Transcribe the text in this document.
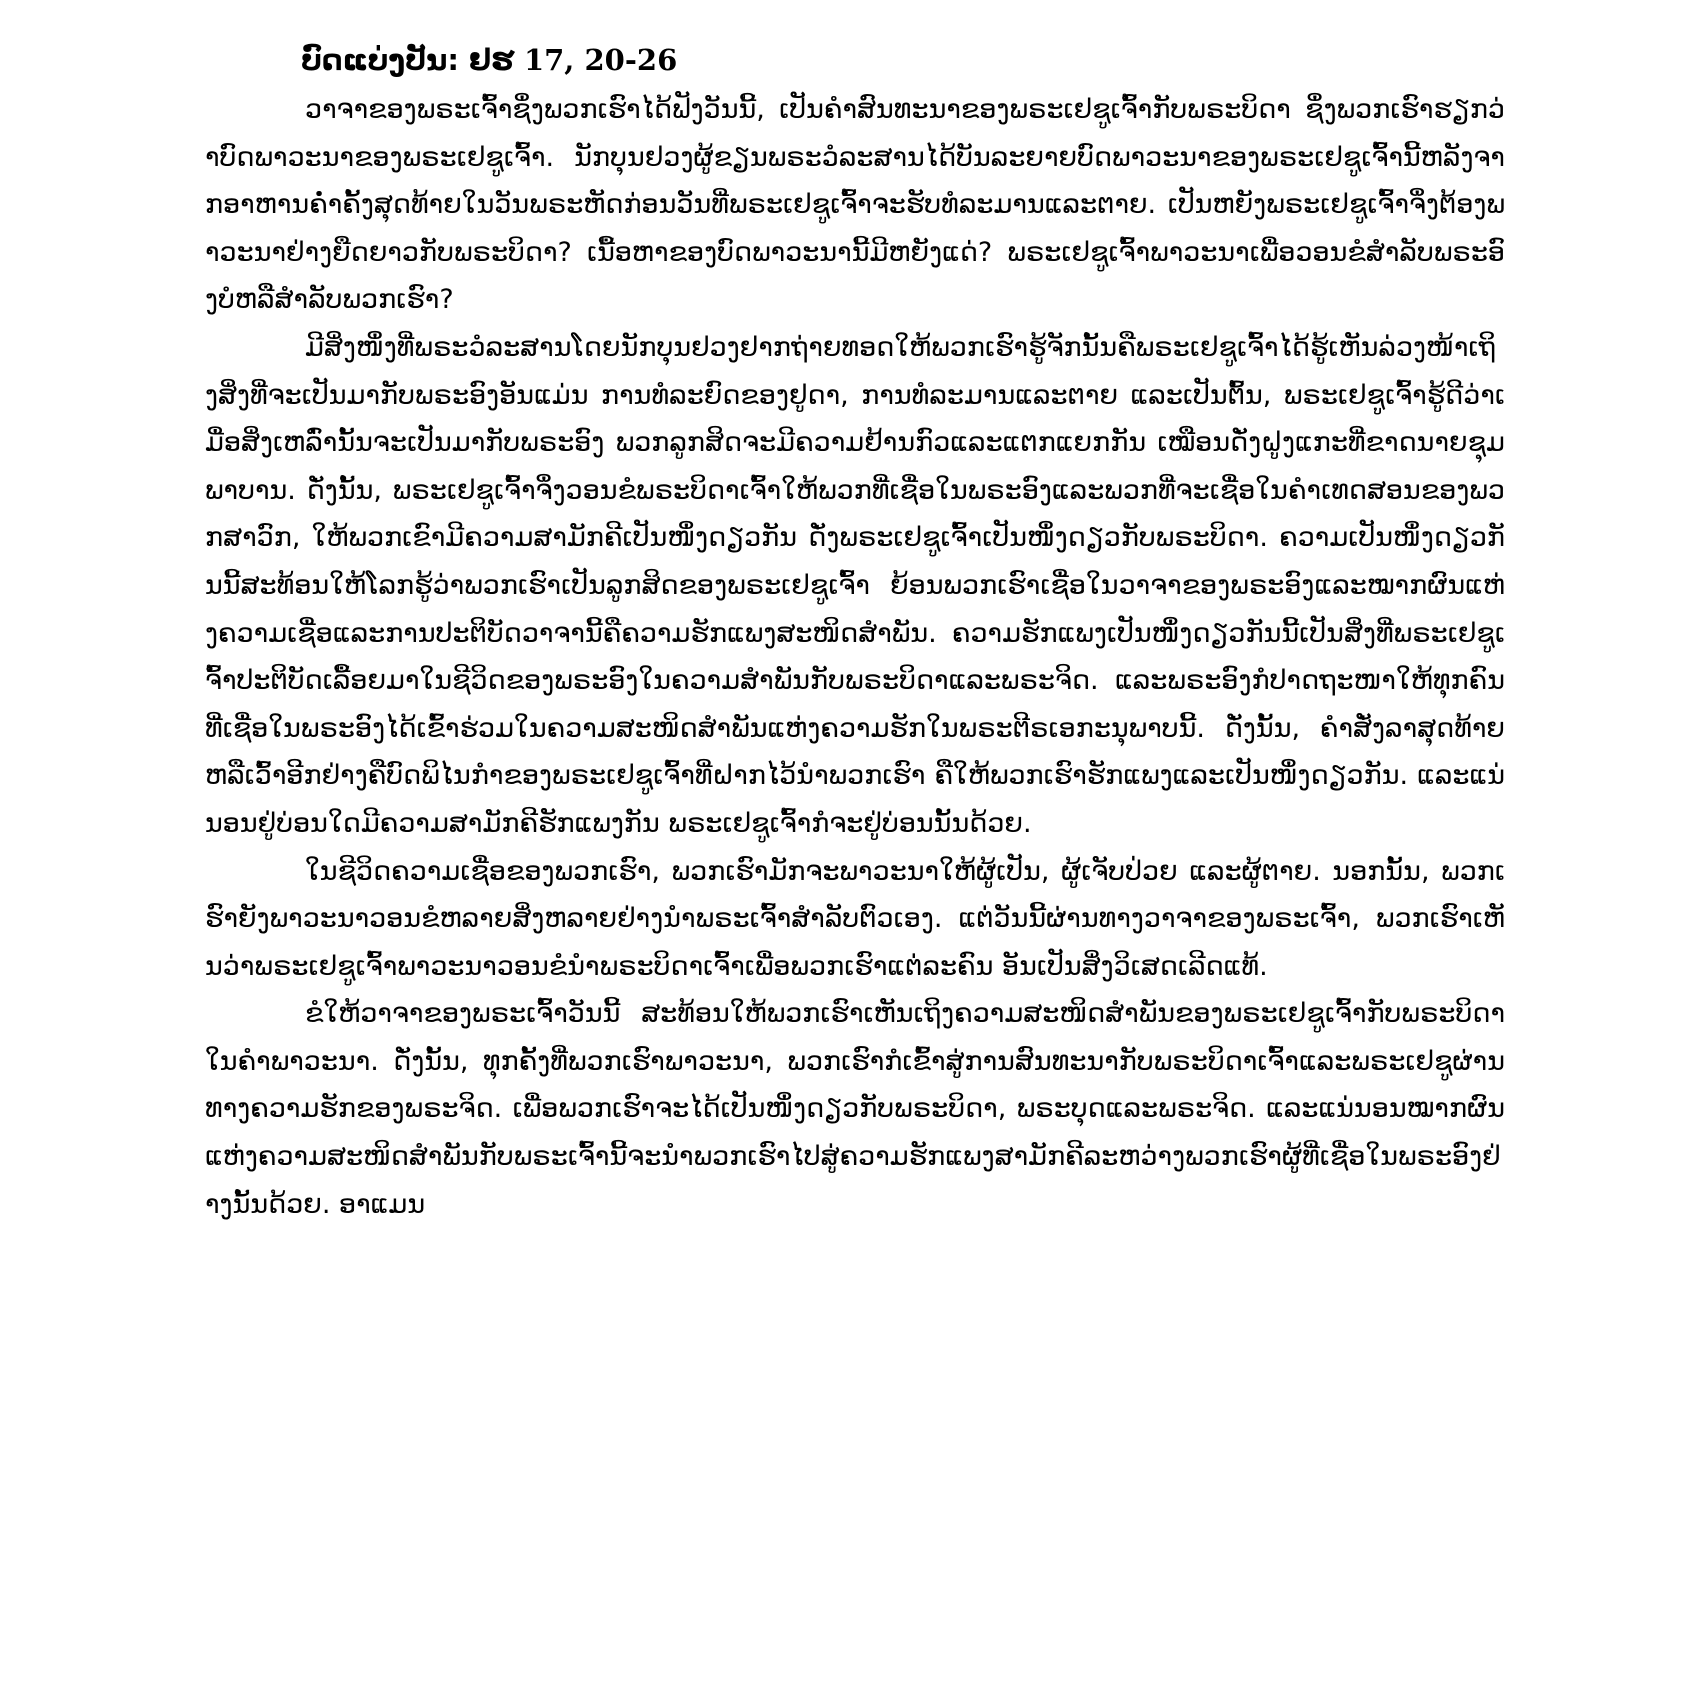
ບົດແບ່ງປັນ: ຢຮ 17, 20-26

ວາຈາຂອງພຣະເຈົ້າຊຶ່ງພວກເຮົາໄດ້ຟັງວັນນີ້, ເປັນຄໍາສົນທະນາຂອງພຣະເຢຊູເຈົ້າກັບພຣະບິດາ ຊຶ່ງພວກເຮົາຮຽກວ່າບົດພາວະນາຂອງພຣະເຢຊູເຈົ້າ. ນັກບຸນຢວງຜູ້ຂຽນພຣະວໍລະສານໄດ້ບັນລະຍາຍບົດພາວະນາຂອງພຣະເຢຊູເຈົ້ານີ້ຫລັງຈາກອາຫານຄໍ່າຄັ້ງສຸດທ້າຍໃນວັນພຣະຫັດກ່ອນວັນທີ່ພຣະເຢຊູເຈົ້າຈະຮັບທໍລະມານແລະຕາຍ. ເປັນຫຍັງພຣະເຢຊູເຈົ້າຈຶ່ງຕ້ອງພາວະນາຢ່າງຍືດຍາວກັບພຣະບິດາ? ເນື້ອຫາຂອງບົດພາວະນານີ້ມີຫຍັງແດ່? ພຣະເຢຊູເຈົ້າພາວະນາເພື່ອວອນຂໍສໍາລັບພຣະອົງບໍຫລືສໍາລັບພວກເຮົາ?

ມີສິ່ງໜຶ່ງທີ່ພຣະວໍລະສານໂດຍນັກບຸນຢວງຢາກຖ່າຍທອດໃຫ້ພວກເຮົາຮູ້ຈັກນັ້ນຄືພຣະເຢຊູເຈົ້າໄດ້ຮູ້ເຫັນລ່ວງໜ້າເຖິງສິ່ງທີ່ຈະເປັນມາກັບພຣະອົງອັນແມ່ນ ການທໍລະຍົດຂອງຢູດາ, ການທໍລະມານແລະຕາຍ ແລະເປັນຕົ້ນ, ພຣະເຢຊູເຈົ້າຮູ້ດີວ່າເມື່ອສິ່ງເຫລົ່ານັ້ນຈະເປັນມາກັບພຣະອົງ ພວກລູກສິດຈະມີຄວາມຢ້ານກົວແລະແຕກແຍກກັນ ເໝືອນດັ່ງຝູງແກະທີ່ຂາດນາຍຊຸມພາບານ. ດັ່ງນັ້ນ, ພຣະເຢຊູເຈົ້າຈຶ່ງວອນຂໍພຣະບິດາເຈົ້າໃຫ້ພວກທີ່ເຊື່ອໃນພຣະອົງແລະພວກທີ່ຈະເຊື່ອໃນຄໍາເທດສອນຂອງພວກສາວົກ, ໃຫ້ພວກເຂົາມີຄວາມສາມັກຄີເປັນໜຶ່ງດຽວກັນ ດັ່ງພຣະເຢຊູເຈົ້າເປັນໜຶ່ງດຽວກັບພຣະບິດາ. ຄວາມເປັນໜຶ່ງດຽວກັນນີ້ສະທ້ອນໃຫ້ໂລກຮູ້ວ່າພວກເຮົາເປັນລູກສິດຂອງພຣະເຢຊູເຈົ້າ ຍ້ອນພວກເຮົາເຊື່ອໃນວາຈາຂອງພຣະອົງແລະໝາກຜົນແຫ່ງຄວາມເຊື່ອແລະການປະຕິບັດວາຈານີ້ຄືຄວາມຮັກແພງສະໜິດສໍາພັນ. ຄວາມຮັກແພງເປັນໜຶ່ງດຽວກັນນີ້ເປັນສິ່ງທີ່ພຣະເຢຊູເຈົ້າປະຕິບັດເລື້ອຍມາໃນຊີວິດຂອງພຣະອົງໃນຄວາມສໍາພັນກັບພຣະບິດາແລະພຣະຈິດ. ແລະພຣະອົງກໍປາດຖະໜາໃຫ້ທຸກຄົນທີ່ເຊື່ອໃນພຣະອົງໄດ້ເຂົ້າຮ່ວມໃນຄວາມສະໜິດສໍາພັນແຫ່ງຄວາມຮັກໃນພຣະຕີຣເອກະນຸພາບນີ້. ດັ່ງນັ້ນ, ຄໍາສັ່ງລາສຸດທ້າຍ ຫລືເວົ້າອີກຢ່າງຄືບົດພິໄນກໍາຂອງພຣະເຢຊູເຈົ້າທີ່ຝາກໄວ້ນໍາພວກເຮົາ ຄືໃຫ້ພວກເຮົາຮັກແພງແລະເປັນໜຶ່ງດຽວກັນ. ແລະແນ່ນອນຢູ່ບ່ອນໃດມີຄວາມສາມັກຄີຮັກແພງກັນ ພຣະເຢຊູເຈົ້າກໍຈະຢູ່ບ່ອນນັ້ນດ້ວຍ.

ໃນຊີວິດຄວາມເຊື່ອຂອງພວກເຮົາ, ພວກເຮົາມັກຈະພາວະນາໃຫ້ຜູ້ເປັນ, ຜູ້ເຈັບປ່ວຍ ແລະຜູ້ຕາຍ. ນອກນັ້ນ, ພວກເຮົາຍັງພາວະນາວອນຂໍຫລາຍສິ່ງຫລາຍຢ່າງນໍາພຣະເຈົ້າສໍາລັບຕົວເອງ. ແຕ່ວັນນີ້ຜ່ານທາງວາຈາຂອງພຣະເຈົ້າ, ພວກເຮົາເຫັນວ່າພຣະເຢຊູເຈົ້າພາວະນາວອນຂໍນໍາພຣະບິດາເຈົ້າເພື່ອພວກເຮົາແຕ່ລະຄົນ ອັນເປັນສິ່ງວິເສດເລີດແທ້.

ຂໍໃຫ້ວາຈາຂອງພຣະເຈົ້າວັນນີ້ ສະທ້ອນໃຫ້ພວກເຮົາເຫັນເຖິງຄວາມສະໜິດສໍາພັນຂອງພຣະເຢຊູເຈົ້າກັບພຣະບິດາໃນຄໍາພາວະນາ. ດັ່ງນັ້ນ, ທຸກຄັ້ງທີ່ພວກເຮົາພາວະນາ, ພວກເຮົາກໍເຂົ້າສູ່ການສົນທະນາກັບພຣະບິດາເຈົ້າແລະພຣະເຢຊູຜ່ານທາງຄວາມຮັກຂອງພຣະຈິດ. ເພື່ອພວກເຮົາຈະໄດ້ເປັນໜຶ່ງດຽວກັບພຣະບິດາ, ພຣະບຸດແລະພຣະຈິດ. ແລະແນ່ນອນໝາກຜົນແຫ່ງຄວາມສະໜິດສໍາພັນກັບພຣະເຈົ້ານີ້ຈະນໍາພວກເຮົາໄປສູ່ຄວາມຮັກແພງສາມັກຄີລະຫວ່າງພວກເຮົາຜູ້ທີ່ເຊື່ອໃນພຣະອົງຢ່າງນັ້ນດ້ວຍ. ອາແມນ
